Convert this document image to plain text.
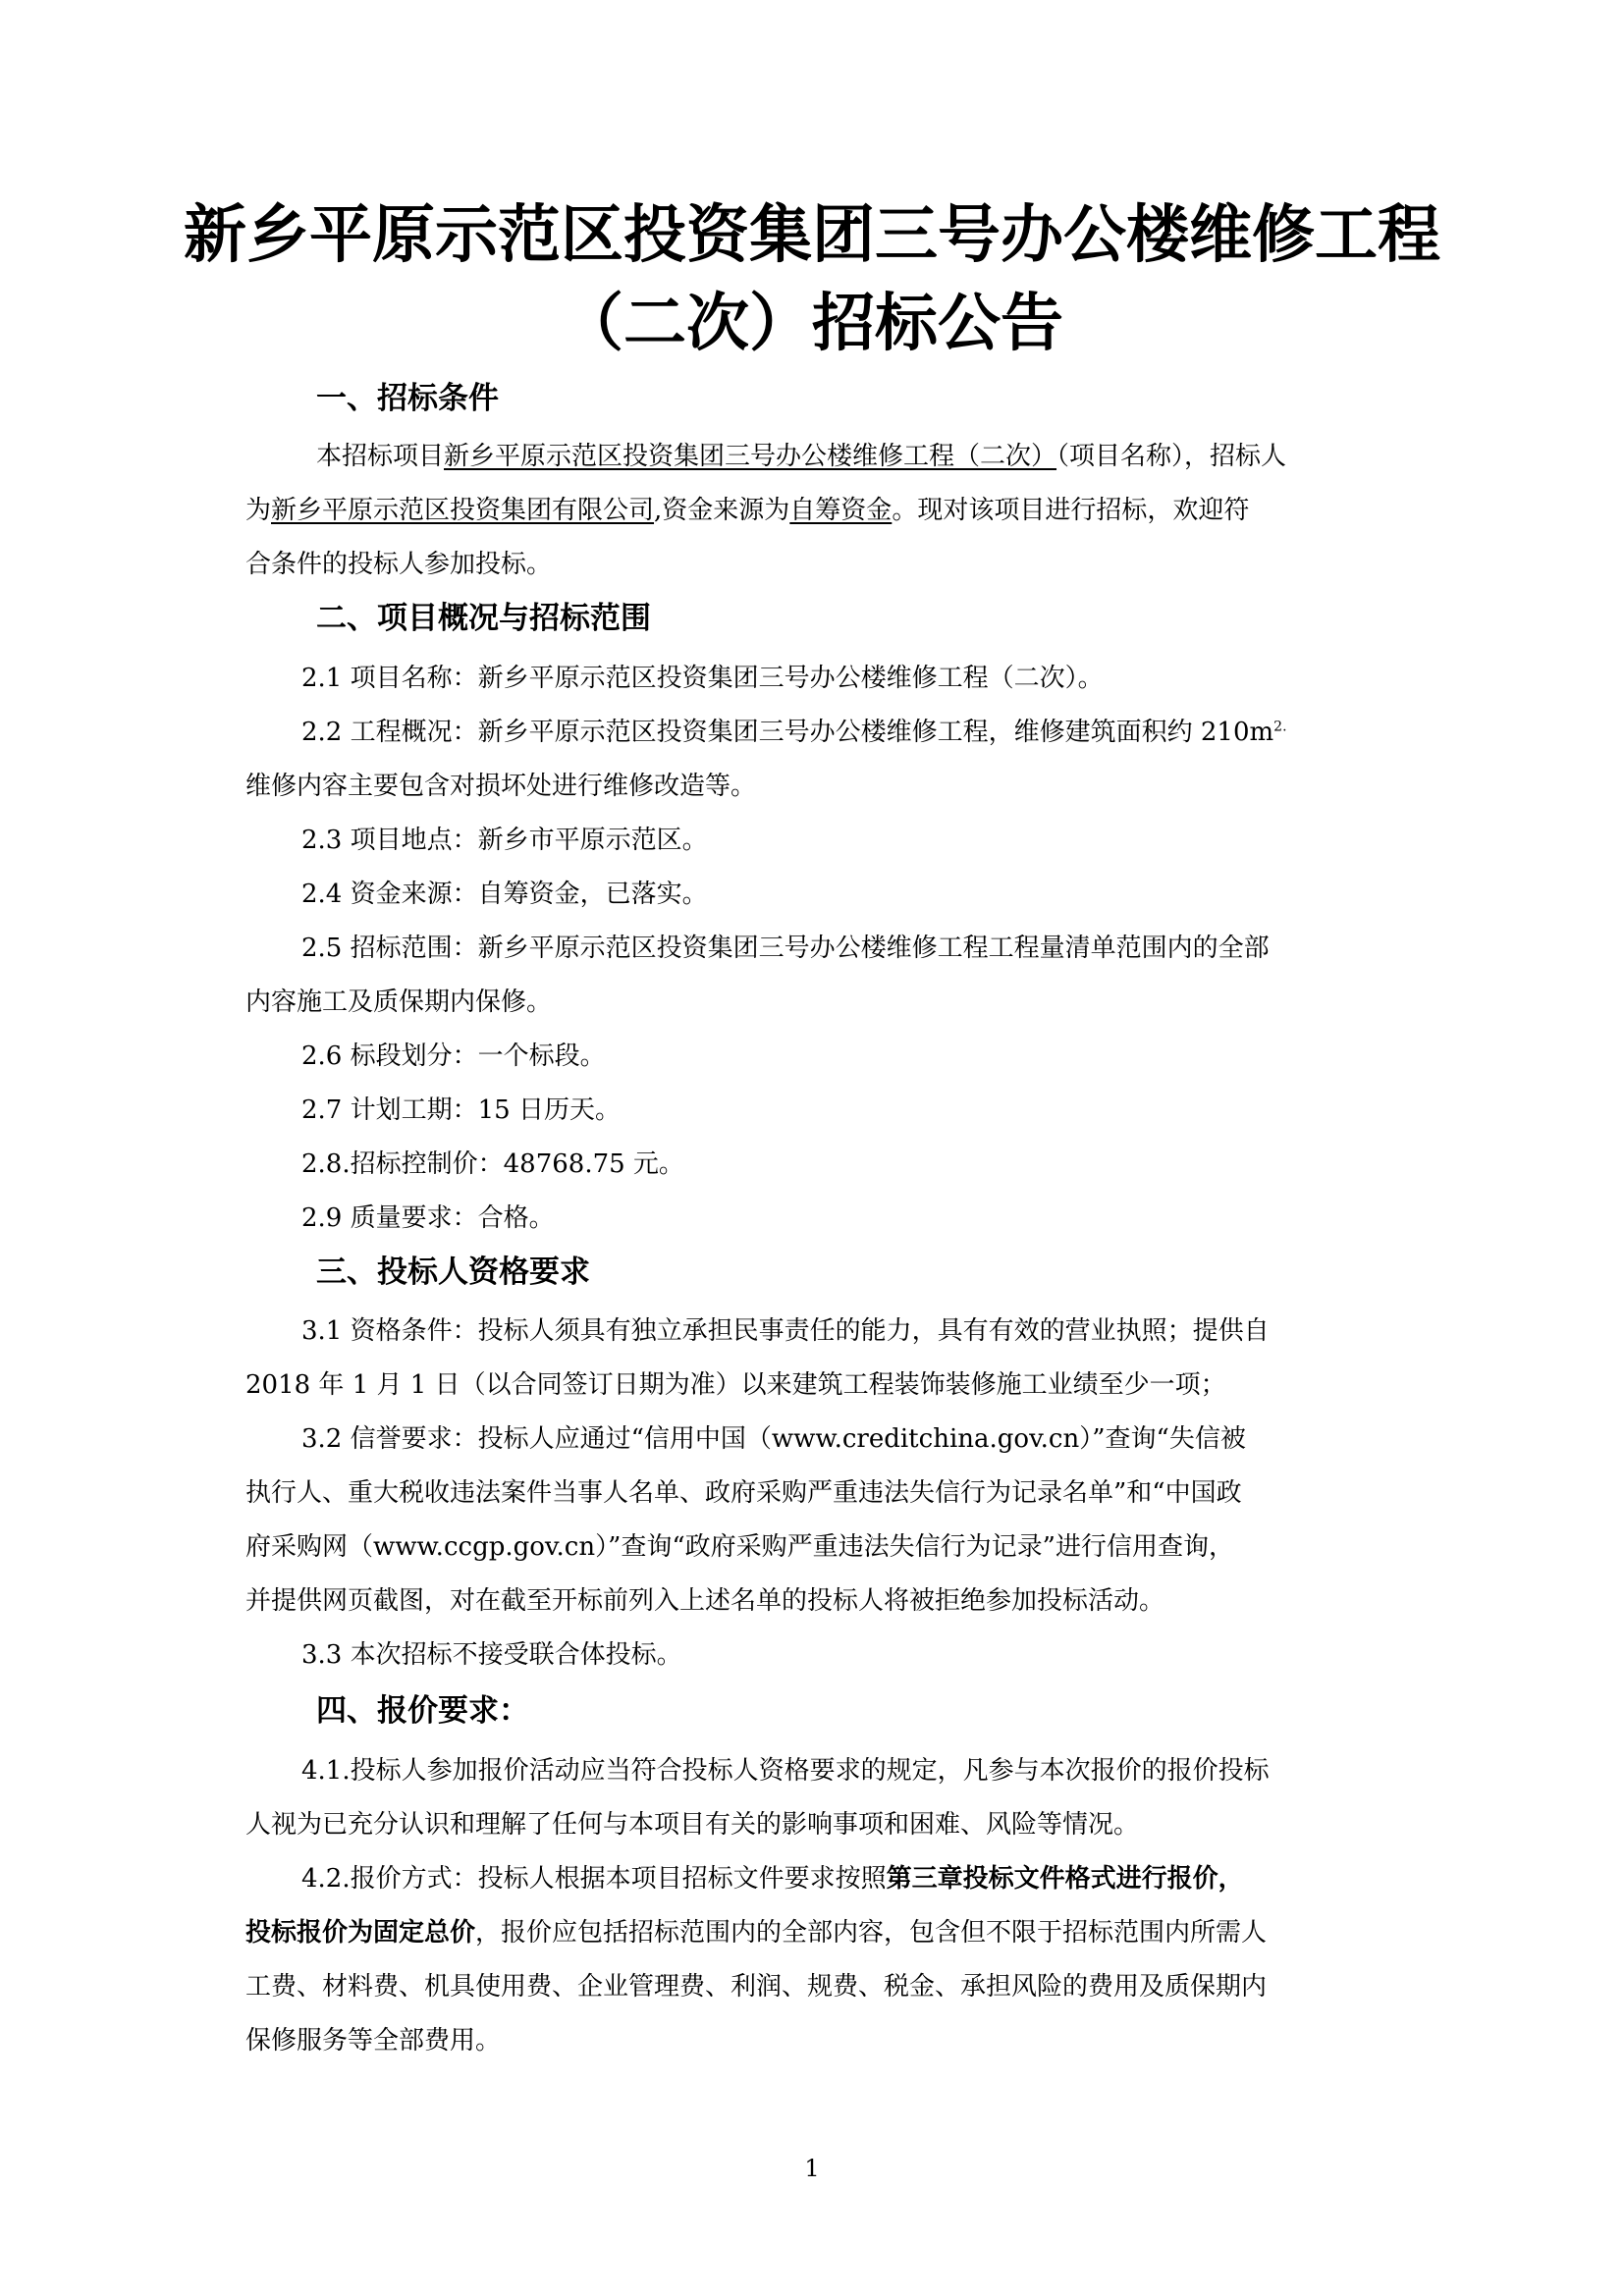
新乡平原示范区投资集团三号办公楼维修工程
（二次）招标公告
一、招标条件
本招标项目新乡平原示范区投资集团三号办公楼维修工程（二次）（项目名称），招标人
为新乡平原示范区投资集团有限公司,资金来源为自筹资金。现对该项目进行招标，欢迎符
合条件的投标人参加投标。
二、项目概况与招标范围
2.1 项目名称：新乡平原示范区投资集团三号办公楼维修工程（二次）。
2.2 工程概况：新乡平原示范区投资集团三号办公楼维修工程，维修建筑面积约 $210m^{2.}$
维修内容主要包含对损坏处进行维修改造等。
2.3 项目地点：新乡市平原示范区。
2.4 资金来源：自筹资金，已落实。
2.5 招标范围：新乡平原示范区投资集团三号办公楼维修工程工程量清单范围内的全部
内容施工及质保期内保修。
2.6 标段划分：一个标段。
2.7 计划工期：15 日历天。
2.8.招标控制价：48768.75 元。
2.9 质量要求：合格。
三、投标人资格要求
3.1 资格条件：投标人须具有独立承担民事责任的能力，具有有效的营业执照；提供自
2018 年 1 月 1 日（以合同签订日期为准）以来建筑工程装饰装修施工业绩至少一项；
3.2 信誉要求：投标人应通过“信用中国（www.creditchina.gov.cn）”查询“失信被
执行人、重大税收违法案件当事人名单、政府采购严重违法失信行为记录名单”和“中国政
府采购网（www.ccgp.gov.cn）”查询“政府采购严重违法失信行为记录”进行信用查询，
并提供网页截图，对在截至开标前列入上述名单的投标人将被拒绝参加投标活动。
3.3 本次招标不接受联合体投标。
四、报价要求：
4.1.投标人参加报价活动应当符合投标人资格要求的规定，凡参与本次报价的报价投标
人视为已充分认识和理解了任何与本项目有关的影响事项和困难、风险等情况。
4.2.报价方式：投标人根据本项目招标文件要求按照第三章投标文件格式进行报价，
投标报价为固定总价，报价应包括招标范围内的全部内容，包含但不限于招标范围内所需人
工费、材料费、机具使用费、企业管理费、利润、规费、税金、承担风险的费用及质保期内
保修服务等全部费用。
1
